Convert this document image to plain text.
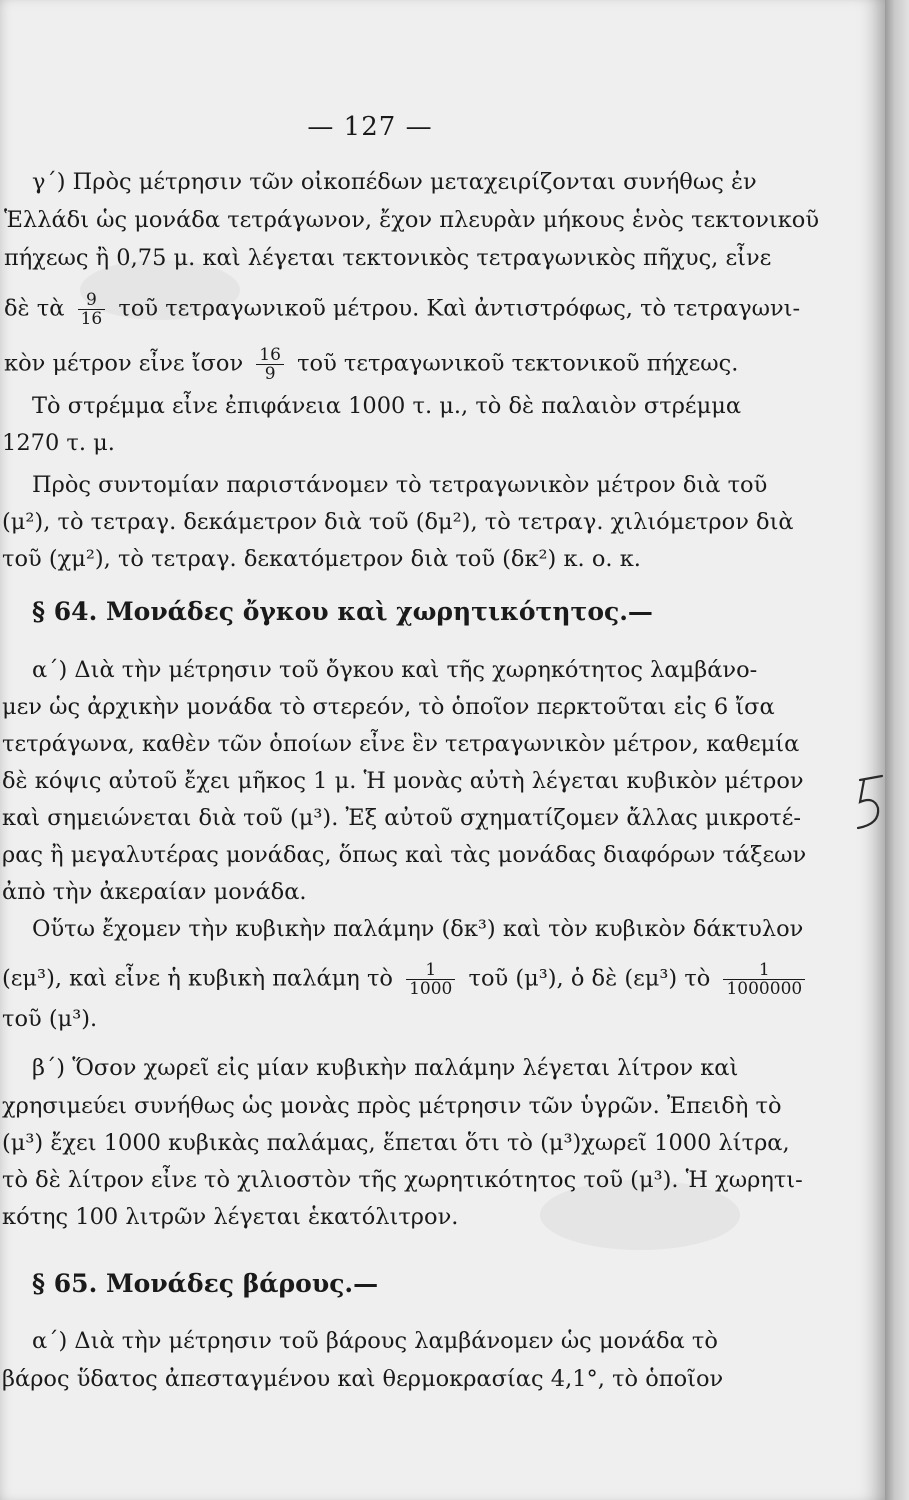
— 127 —
γ΄) Πρὸς μέτρησιν τῶν οἰκοπέδων μεταχειρίζονται συνήθως ἐν
Ἑλλάδι ὡς μονάδα τετράγωνον, ἔχον πλευρὰν μήκους ἑνὸς τεκτονικοῦ
πήχεως ἢ 0,75 μ. καὶ λέγεται τεκτονικὸς τετραγωνικὸς πῆχυς, εἶνε
δὲ τὰ $\frac{9}{16}$ τοῦ τετραγωνικοῦ μέτρου. Καὶ ἀντιστρόφως, τὸ τετραγωνι-
κὸν μέτρον εἶνε ἴσον $\frac{16}{9}$ τοῦ τετραγωνικοῦ τεκτονικοῦ πήχεως.
Τὸ στρέμμα εἶνε ἐπιφάνεια 1000 τ. μ., τὸ δὲ παλαιὸν στρέμμα
1270 τ. μ.
Πρὸς συντομίαν παριστάνομεν τὸ τετραγωνικὸν μέτρον διὰ τοῦ
(μ²), τὸ τετραγ. δεκάμετρον διὰ τοῦ (δμ²), τὸ τετραγ. χιλιόμετρον διὰ
τοῦ (χμ²), τὸ τετραγ. δεκατόμετρον διὰ τοῦ (δκ²) κ. ο. κ.
§ 64. Μονάδες ὄγκου καὶ χωρητικότητος.—
α΄) Διὰ τὴν μέτρησιν τοῦ ὄγκου καὶ τῆς χωρηκότητος λαμβάνο-
μεν ὡς ἀρχικὴν μονάδα τὸ στερεόν, τὸ ὁποῖον περκτοῦται εἰς 6 ἴσα
τετράγωνα, καθὲν τῶν ὁποίων εἶνε ἓν τετραγωνικὸν μέτρον, καθεμία
δὲ κόψις αὐτοῦ ἔχει μῆκος 1 μ. Ἡ μονὰς αὐτὴ λέγεται κυβικὸν μέτρον
καὶ σημειώνεται διὰ τοῦ (μ³). Ἐξ αὐτοῦ σχηματίζομεν ἄλλας μικροτέ-
ρας ἢ μεγαλυτέρας μονάδας, ὅπως καὶ τὰς μονάδας διαφόρων τάξεων
ἀπὸ τὴν ἀκεραίαν μονάδα.
Οὕτω ἔχομεν τὴν κυβικὴν παλάμην (δκ³) καὶ τὸν κυβικὸν δάκτυλον
(εμ³), καὶ εἶνε ἡ κυβικὴ παλάμη τὸ $\frac{1}{1000}$ τοῦ (μ³), ὁ δὲ (εμ³) τὸ $\frac{1}{1000000}$
τοῦ (μ³).
β΄) Ὅσον χωρεῖ εἰς μίαν κυβικὴν παλάμην λέγεται λίτρον καὶ
χρησιμεύει συνήθως ὡς μονὰς πρὸς μέτρησιν τῶν ὑγρῶν. Ἐπειδὴ τὸ
(μ³) ἔχει 1000 κυβικὰς παλάμας, ἕπεται ὅτι τὸ (μ³)χωρεῖ 1000 λίτρα,
τὸ δὲ λίτρον εἶνε τὸ χιλιοστὸν τῆς χωρητικότητος τοῦ (μ³). Ἡ χωρητι-
κότης 100 λιτρῶν λέγεται ἑκατόλιτρον.
§ 65. Μονάδες βάρους.—
α΄) Διὰ τὴν μέτρησιν τοῦ βάρους λαμβάνομεν ὡς μονάδα τὸ
βάρος ὕδατος ἀπεσταγμένου καὶ θερμοκρασίας 4,1°, τὸ ὁποῖον
